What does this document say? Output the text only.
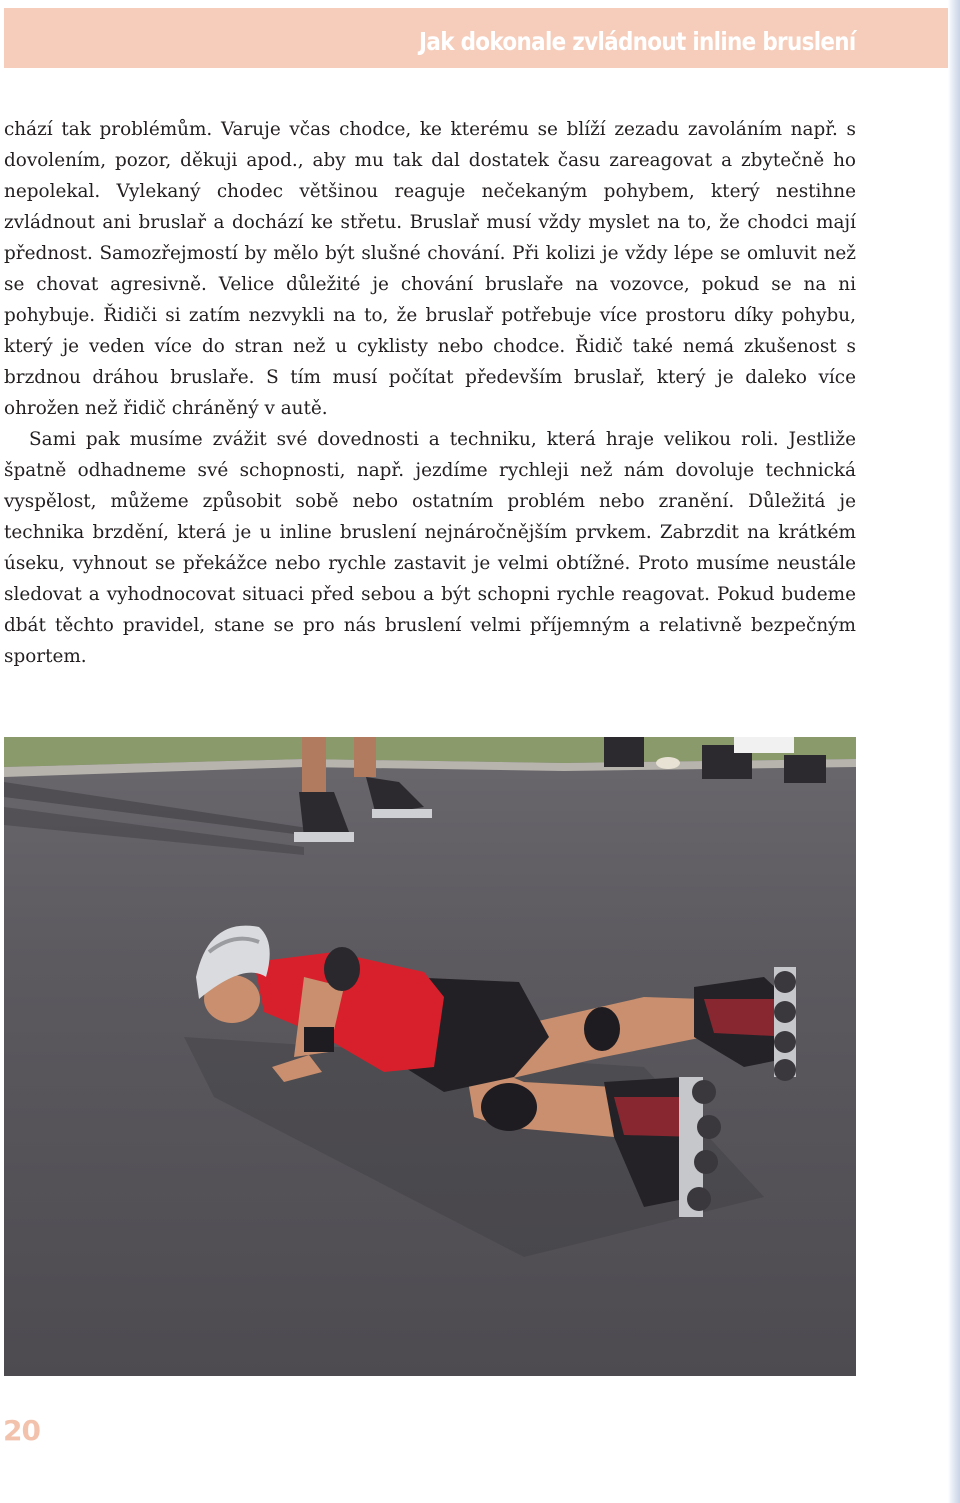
Jak dokonale zvládnout inline bruslení

chází tak problémům. Varuje včas chodce, ke kterému se blíží zezadu zavoláním např. s dovolením, pozor, děkuji apod., aby mu tak dal dostatek času zareagovat a zbytečně ho nepolekal. Vylekaný chodec většinou reaguje nečekaným pohybem, který nestihne zvládnout ani bruslař a dochází ke střetu. Bruslař musí vždy myslet na to, že chodci mají přednost. Samozřejmostí by mělo být slušné chování. Při kolizi je vždy lépe se omluvit než se chovat agresivně. Velice důležité je chování bruslaře na vozovce, pokud se na ni pohybuje. Řidiči si zatím nezvykli na to, že bruslař potřebuje více prostoru díky pohybu, který je veden více do stran než u cyklisty nebo chodce. Řidič také nemá zkušenost s brzdnou dráhou bruslaře. S tím musí počítat především bruslař, který je daleko více ohrožen než řidič chráněný v autě.

Sami pak musíme zvážit své dovednosti a techniku, která hraje velikou roli. Jestliže špatně odhadneme své schopnosti, např. jezdíme rychleji než nám dovoluje technická vyspělost, můžeme způsobit sobě nebo ostatním problém nebo zranění. Důležitá je technika brzdění, která je u inline bruslení nejnáročnějším prvkem. Zabrzdit na krátkém úseku, vyhnout se překážce nebo rychle zastavit je velmi obtížné. Proto musíme neustále sledovat a vyhodnocovat situaci před sebou a být schopni rychle reagovat. Pokud budeme dbát těchto pravidel, stane se pro nás bruslení velmi příjemným a relativně bezpečným sportem.

20
